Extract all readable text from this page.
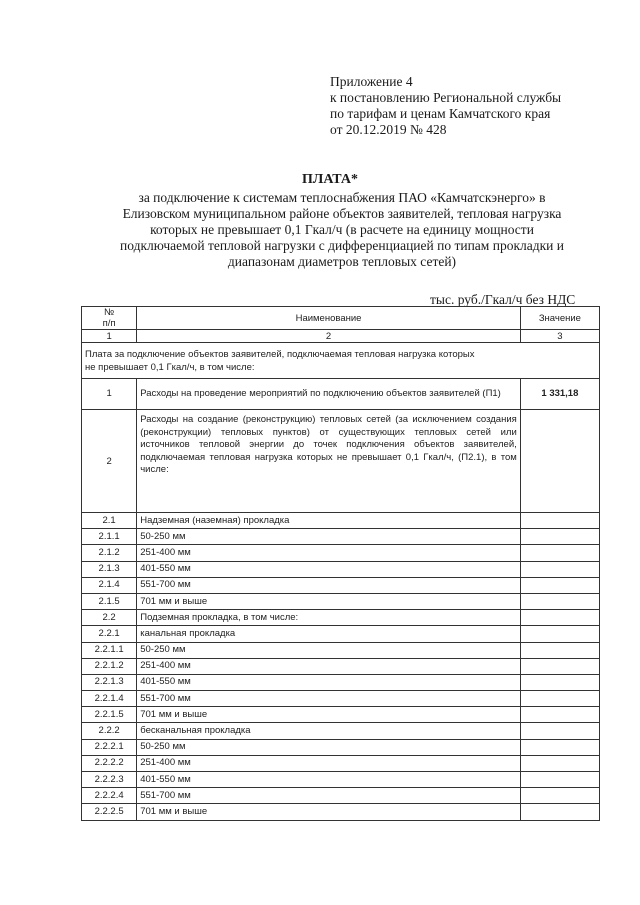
Приложение 4
к постановлению Региональной службы
по тарифам и ценам Камчатского края
от 20.12.2019 № 428
ПЛАТА*
за подключение к системам теплоснабжения ПАО «Камчатскэнерго» в
Елизовском муниципальном районе объектов заявителей, тепловая нагрузка
которых не превышает 0,1 Гкал/ч (в расчете на единицу мощности
подключаемой тепловой нагрузки с дифференциацией по типам прокладки и
диапазонам диаметров тепловых сетей)
тыс. руб./Гкал/ч без НДС
№
п/п	Наименование	Значение
1	2	3

Плата за подключение объектов заявителей, подключаемая тепловая нагрузка которых не превышает 0,1 Гкал/ч, в том числе:		

1	Расходы на проведение мероприятий по подключению объектов заявителей (П1)	1 331,18
2	Расходы на создание (реконструкцию) тепловых сетей (за исключением создания (реконструкции) тепловых пунктов) от существующих тепловых сетей или источников тепловой энергии до точек подключения объектов заявителей, подключаемая тепловая нагрузка которых не превышает 0,1 Гкал/ч, (П2.1), в том числе:	
2.1	Надземная (наземная) прокладка	
2.1.1	50-250 мм	
2.1.2	251-400 мм	
2.1.3	401-550 мм	
2.1.4	551-700 мм	
2.1.5	701 мм и выше	
2.2	Подземная прокладка, в том числе:	
2.2.1	канальная прокладка	
2.2.1.1	50-250 мм	
2.2.1.2	251-400 мм	
2.2.1.3	401-550 мм	
2.2.1.4	551-700 мм	
2.2.1.5	701 мм и выше	
2.2.2	бесканальная прокладка	
2.2.2.1	50-250 мм	
2.2.2.2	251-400 мм	
2.2.2.3	401-550 мм	
2.2.2.4	551-700 мм	
2.2.2.5	701 мм и выше	
